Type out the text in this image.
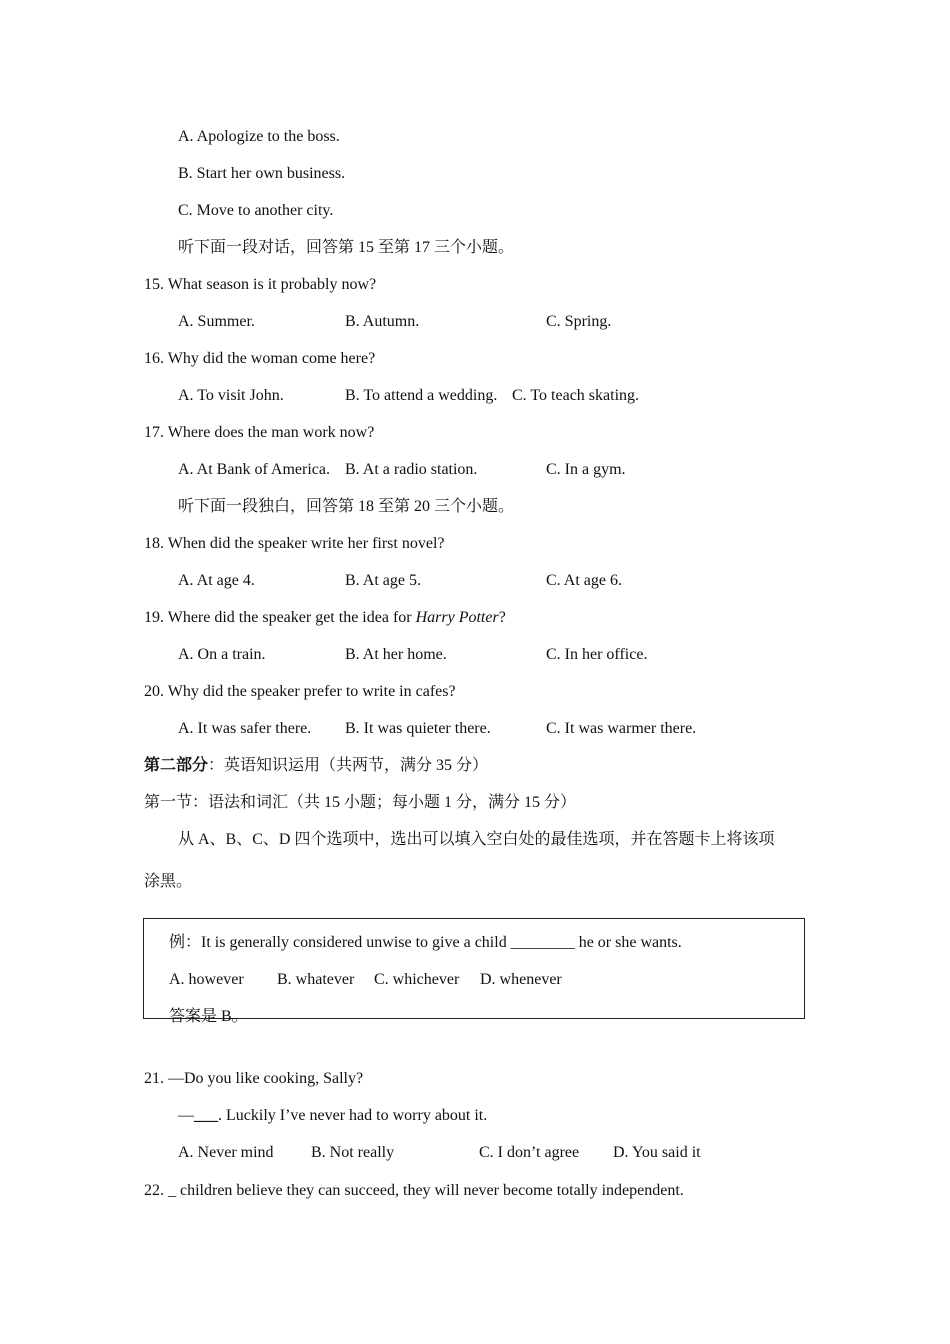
A. Apologize to the boss.
B. Start her own business.
C. Move to another city.
听下面一段对话，回答第 15 至第 17 三个小题。
15. What season is it probably now?
A. Summer.	B. Autumn.	C. Spring.
16. Why did the woman come here?
A. To visit John.	B. To attend a wedding. C. To teach skating.
17. Where does the man work now?
A. At Bank of America. B. At a radio station.	C. In a gym.
听下面一段独白，回答第 18 至第 20 三个小题。
18. When did the speaker write her first novel?
A. At age 4.	B. At age 5.	C. At age 6.
19. Where did the speaker get the idea for Harry Potter?
A. On a train.	B. At her home.	C. In her office.
20. Why did the speaker prefer to write in cafes?
A. It was safer there. B. It was quieter there.	C. It was warmer there.
第二部分：英语知识运用（共两节，满分 35 分）
第一节：语法和词汇（共 15 小题；每小题 1 分，满分 15 分）
从 A、B、C、D 四个选项中，选出可以填入空白处的最佳选项，并在答题卡上将该项
涂黑。
例：It is generally considered unwise to give a child ________ he or she wants.
A. however B. whatever C. whichever D. whenever
答案是 B。
21. —Do you like cooking, Sally?
—___. Luckily I’ve never had to worry about it.
A. Never mind B. Not really	C. I don’t agree D. You said it
22. _ children believe they can succeed, they will never become totally independent.
